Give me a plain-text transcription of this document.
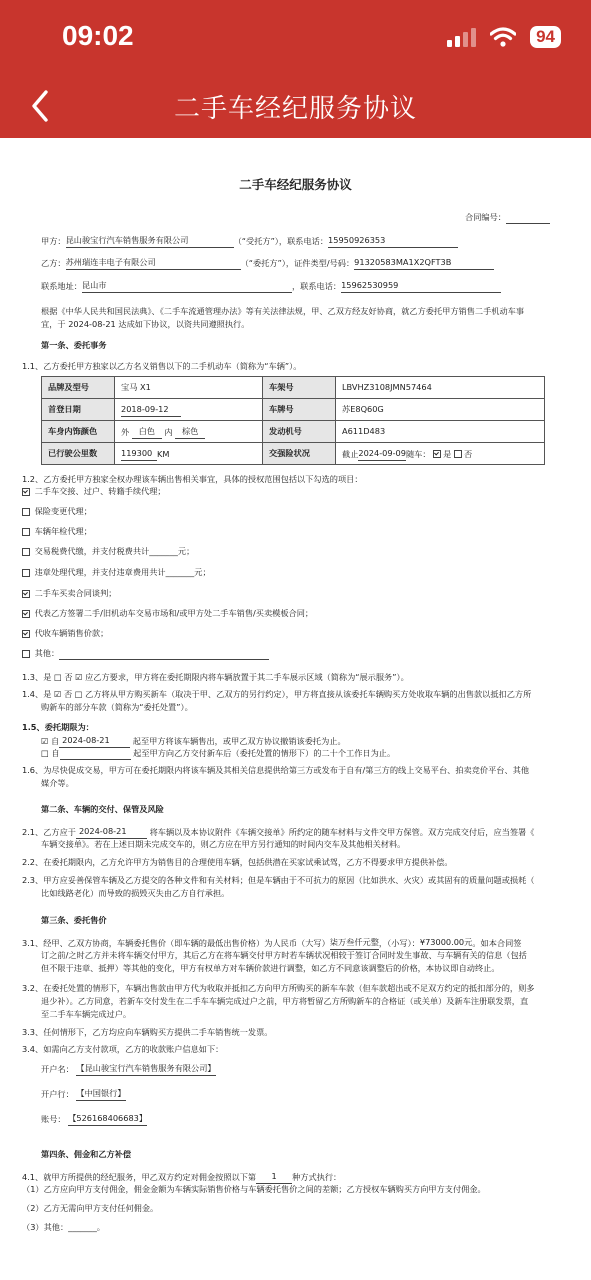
09:02	94
二手车经纪服务协议
二手车经纪服务协议
合同编号：
甲方：昆山骏宝行汽车销售服务有限公司	（“受托方”），联系电话：15950926353
乙方：苏州瑞连丰电子有限公司	（“委托方”），证件类型/号码：91320583MA1X2QFT3B
联系地址：昆山市	，联系电话：15962530959
根据《中华人民共和国民法典》、《二手车流通管理办法》等有关法律法规，甲、乙双方经友好协商，就乙方委托甲方销售二手机动车事
宜，于 2024-08-21 达成如下协议，以资共同遵照执行。
第一条、委托事务
1.1、乙方委托甲方独家以乙方名义销售以下的二手机动车（简称为“车辆”）。
品牌及型号	宝马 X1	车架号	LBVHZ3108JMN57464
首登日期	2018-09-12	车牌号	苏E8Q60G
车身内饰颜色	外 白色 内 棕色	发动机号	A611D483
已行驶公里数	119300 KM	交强险状况	截止2024-09-09随车： 是 否
1.2、乙方委托甲方独家全权办理该车辆出售相关事宜，具体的授权范围包括以下勾选的项目：
二手车交接、过户、转籍手续代理；
保险变更代理；
车辆年检代理；
交易税费代缴，并支付税费共计_______元；
违章处理代理，并支付违章费用共计_______元；
二手车买卖合同谈判；
代表乙方签署二手/旧机动车交易市场和/或甲方处二手车销售/买卖模板合同；
代收车辆销售价款；
其他：
1.3、是 □ 否 ☑ 应乙方要求，甲方将在委托期限内将车辆放置于其二手车展示区域（简称为“展示服务”）。
1.4、是 ☑ 否 □ 乙方将从甲方购买新车（取决于甲、乙双方的另行约定），甲方将直接从该委托车辆购买方处收取车辆的出售款以抵扣乙方所
购新车的部分车款（简称为“委托处置”）。
1.5、委托期限为：
☑ 自 2024-08-21	起至甲方将该车辆售出，或甲乙双方协议撤销该委托为止。
□ 自	起至甲方向乙方交付新车后（委托处置的情形下）的二十个工作日为止。
1.6、为尽快促成交易，甲方可在委托期限内将该车辆及其相关信息提供给第三方或发布于自有/第三方的线上交易平台、拍卖竞价平台、其他
媒介等。
第二条、车辆的交付、保管及风险
2.1、乙方应于 2024-08-21	将车辆以及本协议附件《车辆交接单》所约定的随车材料与文件交甲方保管。双方完成交付后，应当签署《
车辆交接单》。若在上述日期未完成交车的，则乙方应在甲方另行通知的时间内交车及其他相关材料。
2.2、在委托期限内，乙方允许甲方为销售目的合理使用车辆，包括供潜在买家试乘试驾，乙方不得要求甲方提供补偿。
2.3、甲方应妥善保管车辆及乙方提交的各种文件和有关材料；但是车辆由于不可抗力的原因（比如洪水、火灾）或其固有的质量问题或损耗（
比如线路老化）而导致的损毁灭失由乙方自行承担。
第三条、委托售价
3.1、经甲、乙双方协商，车辆委托售价（即车辆的最低出售价格）为人民币（大写）柒万叁仟元整，（小写）：¥73000.00元。如本合同签
订之前/之时乙方并未将车辆交付甲方，其后乙方在将车辆交付甲方时若车辆状况相较于签订合同时发生事故、与车辆有关的信息（包括
但不限于违章、抵押）等其他的变化，甲方有权单方对车辆价款进行调整，如乙方不同意该调整后的价格，本协议即自动终止。
3.2、在委托处置的情形下，车辆出售款由甲方代为收取并抵扣乙方向甲方所购买的新车车款（但车款超出或不足双方约定的抵扣部分的，则多
退少补）。乙方同意，若新车交付发生在二手车车辆完成过户之前，甲方将暂留乙方所购新车的合格证（或关单）及新车注册联发票，直
至二手车车辆完成过户。
3.3、任何情形下，乙方均应向车辆购买方提供二手车销售统一发票。
3.4、如需向乙方支付款项，乙方的收款账户信息如下：
开户名： 【昆山骏宝行汽车销售服务有限公司】
开户行： 【中国银行】
账号： 【526168406683】
第四条、佣金和乙方补偿
4.1、就甲方所提供的经纪服务，甲乙双方约定对佣金按照以下第 1 种方式执行：
（1）乙方应向甲方支付佣金，佣金金额为车辆实际销售价格与车辆委托售价之间的差额；乙方授权车辆购买方向甲方支付佣金。
（2）乙方无需向甲方支付任何佣金。
（3）其他：_______。
